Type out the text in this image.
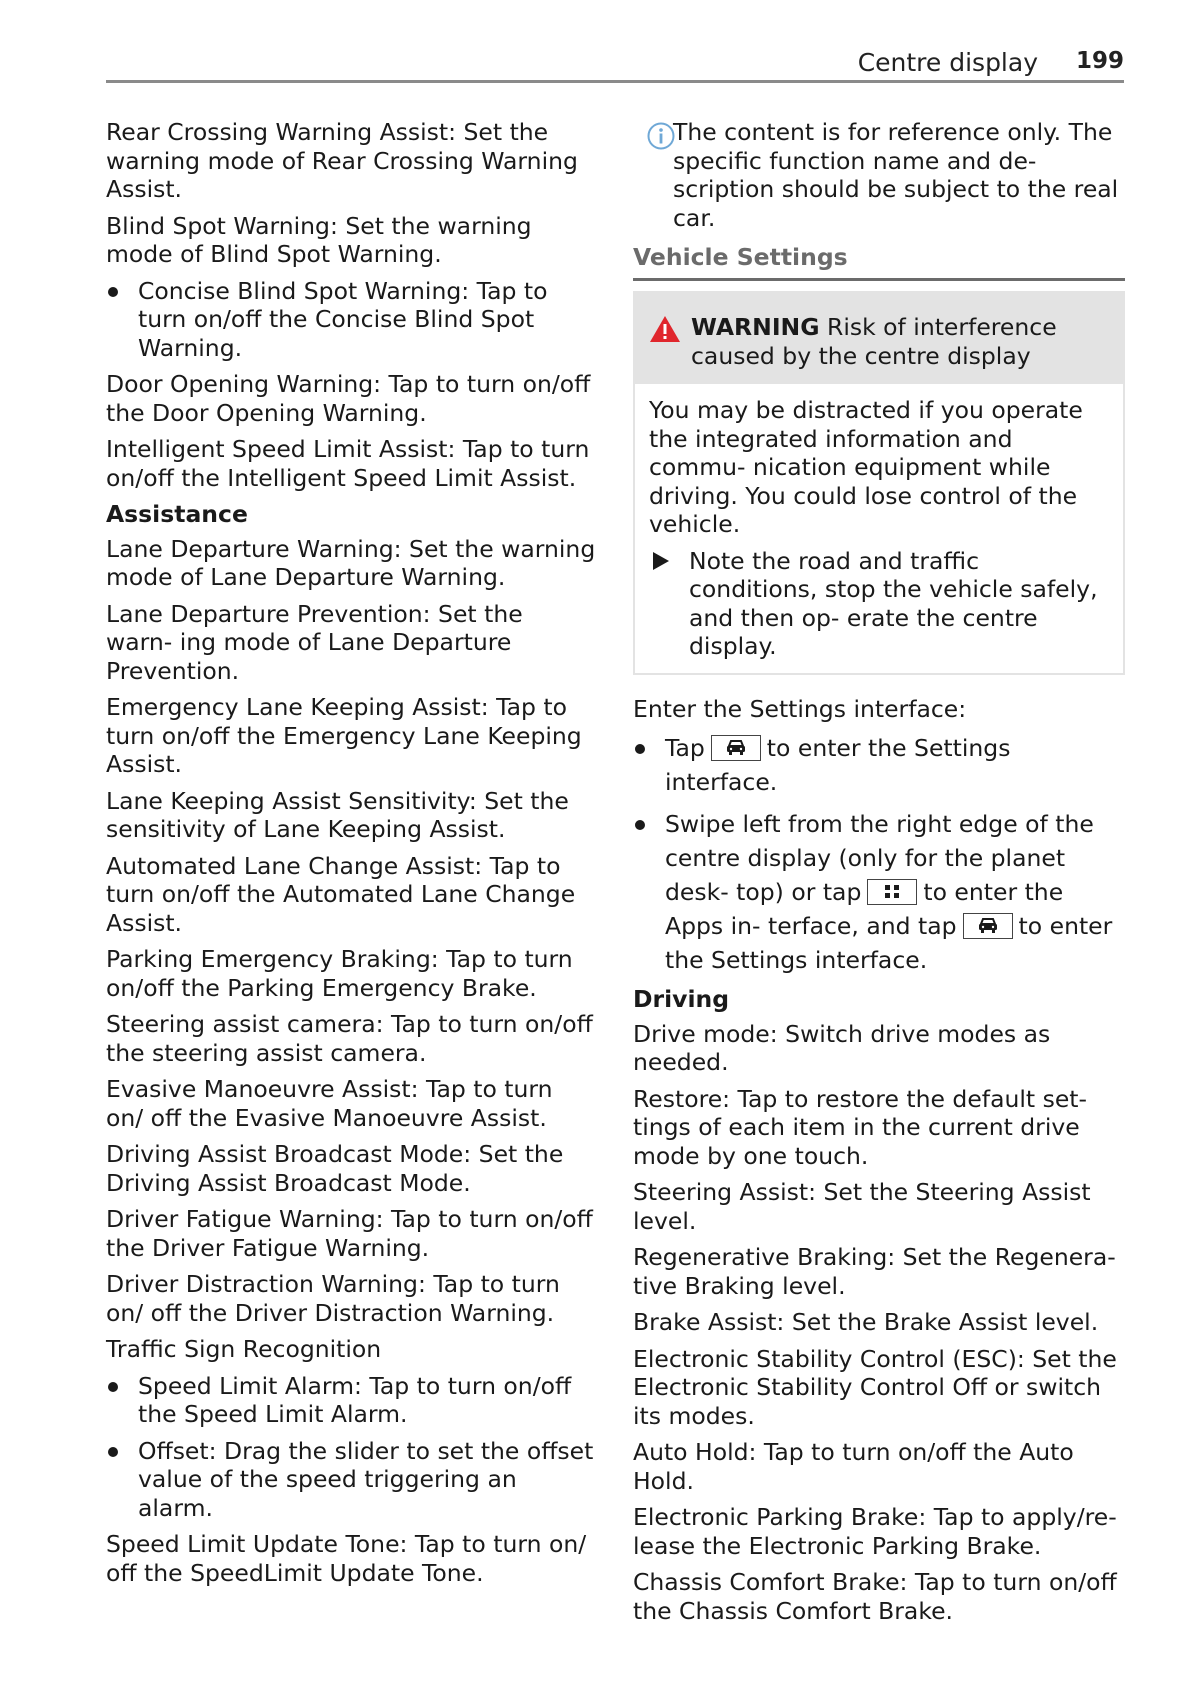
Centre display 199

Rear Crossing Warning Assist: Set the warning mode of Rear Crossing Warning Assist.

Blind Spot Warning: Set the warning mode of Blind Spot Warning.

Concise Blind Spot Warning: Tap to turn on/off the Concise Blind Spot Warning.

Door Opening Warning: Tap to turn on/off the Door Opening Warning.

Intelligent Speed Limit Assist: Tap to turn on/off the Intelligent Speed Limit Assist.

Assistance

Lane Departure Warning: Set the warning mode of Lane Departure Warning.

Lane Departure Prevention: Set the warn‐ ing mode of Lane Departure Prevention.

Emergency Lane Keeping Assist: Tap to turn on/off the Emergency Lane Keeping Assist.

Lane Keeping Assist Sensitivity: Set the sensitivity of Lane Keeping Assist.

Automated Lane Change Assist: Tap to turn on/off the Automated Lane Change Assist.

Parking Emergency Braking: Tap to turn on/off the Parking Emergency Brake.

Steering assist camera: Tap to turn on/off the steering assist camera.

Evasive Manoeuvre Assist: Tap to turn on/ off the Evasive Manoeuvre Assist.

Driving Assist Broadcast Mode: Set the Driving Assist Broadcast Mode.

Driver Fatigue Warning: Tap to turn on/off the Driver Fatigue Warning.

Driver Distraction Warning: Tap to turn on/ off the Driver Distraction Warning.

Traffic Sign Recognition

Speed Limit Alarm: Tap to turn on/off the Speed Limit Alarm.
Offset: Drag the slider to set the offset value of the speed triggering an alarm.

Speed Limit Update Tone: Tap to turn on/ off the SpeedLimit Update Tone.

The content is for reference only. The specific function name and de‐ scription should be subject to the real car.

Vehicle Settings

WARNING Risk of interference caused by the centre display

You may be distracted if you operate the integrated information and commu‐ nication equipment while driving. You could lose control of the vehicle.

Note the road and traffic conditions, stop the vehicle safely, and then op‐ erate the centre display.

Enter the Settings interface:

Tap	to enter the Settings interface.
Swipe left from the right edge of the centre display (only for the planet desk‐ top) or tap	to enter the Apps in‐ terface, and tap	to enter the Settings interface.
Driving

Drive mode: Switch drive modes as needed.

Restore: Tap to restore the default set‐ tings of each item in the current drive mode by one touch.

Steering Assist: Set the Steering Assist level.

Regenerative Braking: Set the Regenera‐ tive Braking level.

Brake Assist: Set the Brake Assist level.

Electronic Stability Control (ESC): Set the Electronic Stability Control Off or switch its modes.

Auto Hold: Tap to turn on/off the Auto Hold.

Electronic Parking Brake: Tap to apply/re‐ lease the Electronic Parking Brake.

Chassis Comfort Brake: Tap to turn on/off the Chassis Comfort Brake.
